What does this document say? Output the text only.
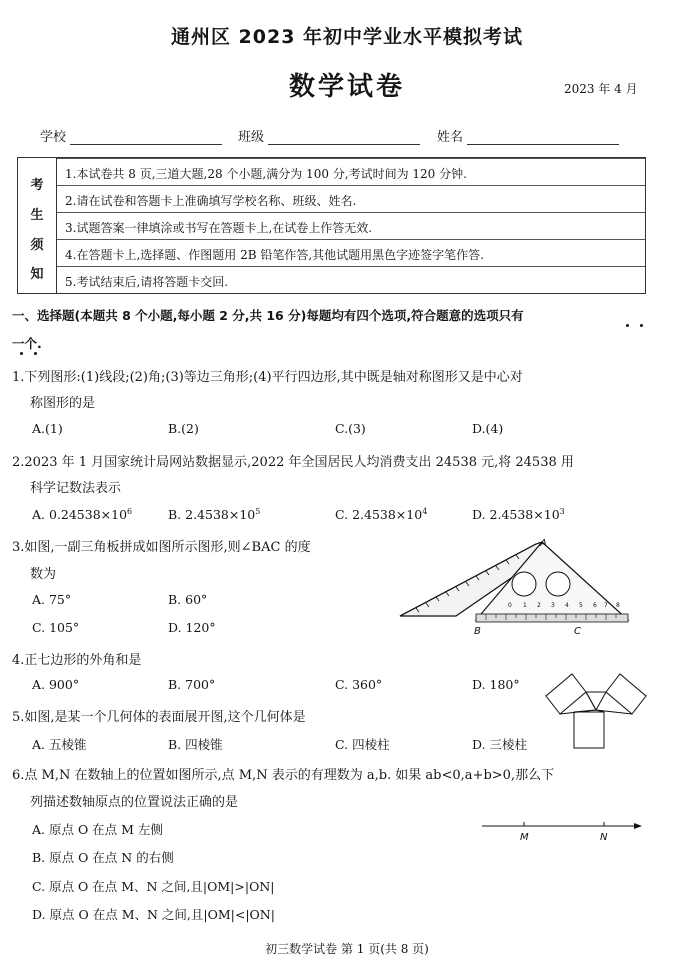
通州区 2023 年初中学业水平模拟考试
数学试卷	2023 年 4 月
学校	班级	姓名
考
生
须
知
1.本试卷共 8 页,三道大题,28 个小题,满分为 100 分,考试时间为 120 分钟.
2.请在试卷和答题卡上准确填写学校名称、班级、姓名.
3.试题答案一律填涂或书写在答题卡上,在试卷上作答无效.
4.在答题卡上,选择题、作图题用 2B 铅笔作答,其他试题用黑色字迹签字笔作答.
5.考试结束后,请将答题卡交回.
一、选择题(本题共 8 个小题,每小题 2 分,共 16 分)每题均有四个选项,符合题意的选项只有
一个.
1.下列图形:(1)线段;(2)角;(3)等边三角形;(4)平行四边形,其中既是轴对称图形又是中心对
称图形的是
A.(1)	B.(2)	C.(3)	D.(4)
2.2023 年 1 月国家统计局网站数据显示,2022 年全国居民人均消费支出 24538 元,将 24538 用
科学记数法表示
A. $0.24538\times 10^6$	B. $2.4538\times 10^5$	C. $2.4538\times 10^4$	D. $2.4538\times 10^3$
3.如图,一副三角板拼成如图所示图形,则∠BAC 的度
数为
A. 75°	B. 60°
C. 105°	D. 120°
0 1 2 3 4 5 6 7 8
A
B	C
4.正七边形的外角和是
A. 900°	B. 700°	C. 360°	D. 180°
5.如图,是某一个几何体的表面展开图,这个几何体是
A. 五棱锥	B. 四棱锥	C. 四棱柱	D. 三棱柱
6.点 M,N 在数轴上的位置如图所示,点 M,N 表示的有理数为 a,b. 如果 ab<0,a+b>0,那么下
列描述数轴原点的位置说法正确的是
A. 原点 O 在点 M 左侧
B. 原点 O 在点 N 的右侧
C. 原点 O 在点 M、N 之间,且|OM|>|ON|
D. 原点 O 在点 M、N 之间,且|OM|<|ON|
M	N
初三数学试卷 第 1 页(共 8 页)
